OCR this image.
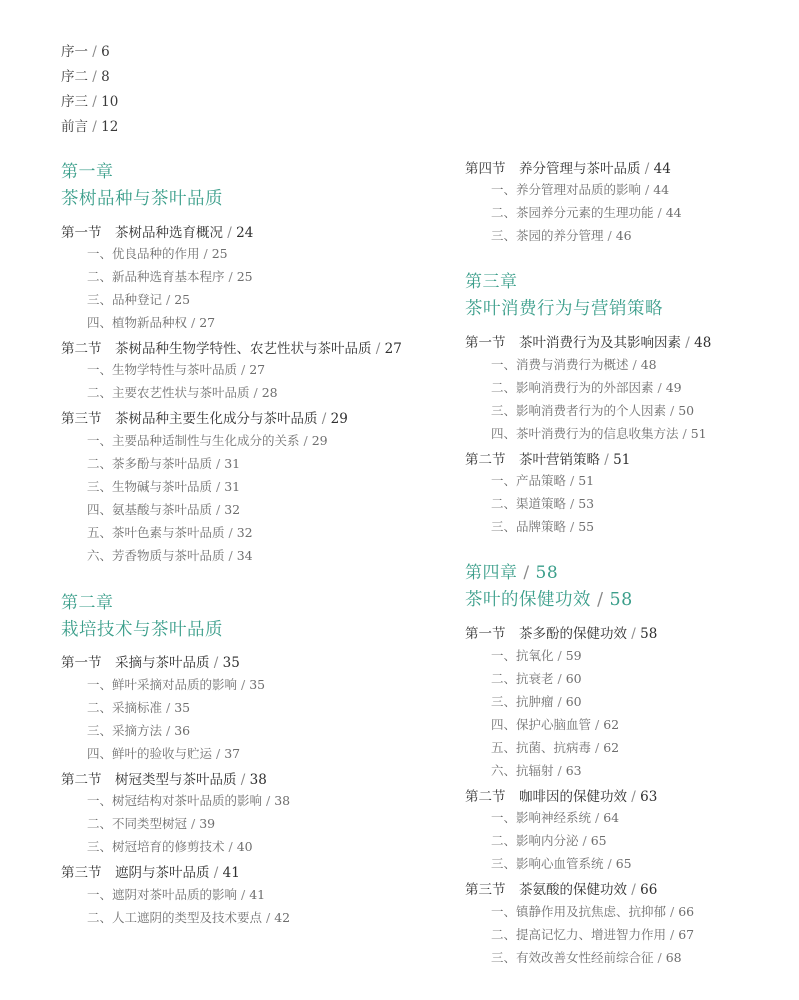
序一 / 6
序二 / 8
序三 / 10
前言 / 12
第一章
茶树品种与茶叶品质
第一节 茶树品种选育概况 / 24
一、优良品种的作用 / 25
二、新品种选育基本程序 / 25
三、品种登记 / 25
四、植物新品种权 / 27
第二节 茶树品种生物学特性、农艺性状与茶叶品质 / 27
一、生物学特性与茶叶品质 / 27
二、主要农艺性状与茶叶品质 / 28
第三节 茶树品种主要生化成分与茶叶品质 / 29
一、主要品种适制性与生化成分的关系 / 29
二、茶多酚与茶叶品质 / 31
三、生物碱与茶叶品质 / 31
四、氨基酸与茶叶品质 / 32
五、茶叶色素与茶叶品质 / 32
六、芳香物质与茶叶品质 / 34
第二章
栽培技术与茶叶品质
第一节 采摘与茶叶品质 / 35
一、鲜叶采摘对品质的影响 / 35
二、采摘标准 / 35
三、采摘方法 / 36
四、鲜叶的验收与贮运 / 37
第二节 树冠类型与茶叶品质 / 38
一、树冠结构对茶叶品质的影响 / 38
二、不同类型树冠 / 39
三、树冠培育的修剪技术 / 40
第三节 遮阴与茶叶品质 / 41
一、遮阴对茶叶品质的影响 / 41
二、人工遮阴的类型及技术要点 / 42
第四节 养分管理与茶叶品质 / 44
一、养分管理对品质的影响 / 44
二、茶园养分元素的生理功能 / 44
三、茶园的养分管理 / 46
第三章
茶叶消费行为与营销策略
第一节 茶叶消费行为及其影响因素 / 48
一、消费与消费行为概述 / 48
二、影响消费行为的外部因素 / 49
三、影响消费者行为的个人因素 / 50
四、茶叶消费行为的信息收集方法 / 51
第二节 茶叶营销策略 / 51
一、产品策略 / 51
二、渠道策略 / 53
三、品牌策略 / 55
第四章 / 58
茶叶的保健功效 / 58
第一节 茶多酚的保健功效 / 58
一、抗氧化 / 59
二、抗衰老 / 60
三、抗肿瘤 / 60
四、保护心脑血管 / 62
五、抗菌、抗病毒 / 62
六、抗辐射 / 63
第二节 咖啡因的保健功效 / 63
一、影响神经系统 / 64
二、影响内分泌 / 65
三、影响心血管系统 / 65
第三节 茶氨酸的保健功效 / 66
一、镇静作用及抗焦虑、抗抑郁 / 66
二、提高记忆力、增进智力作用 / 67
三、有效改善女性经前综合征 / 68
